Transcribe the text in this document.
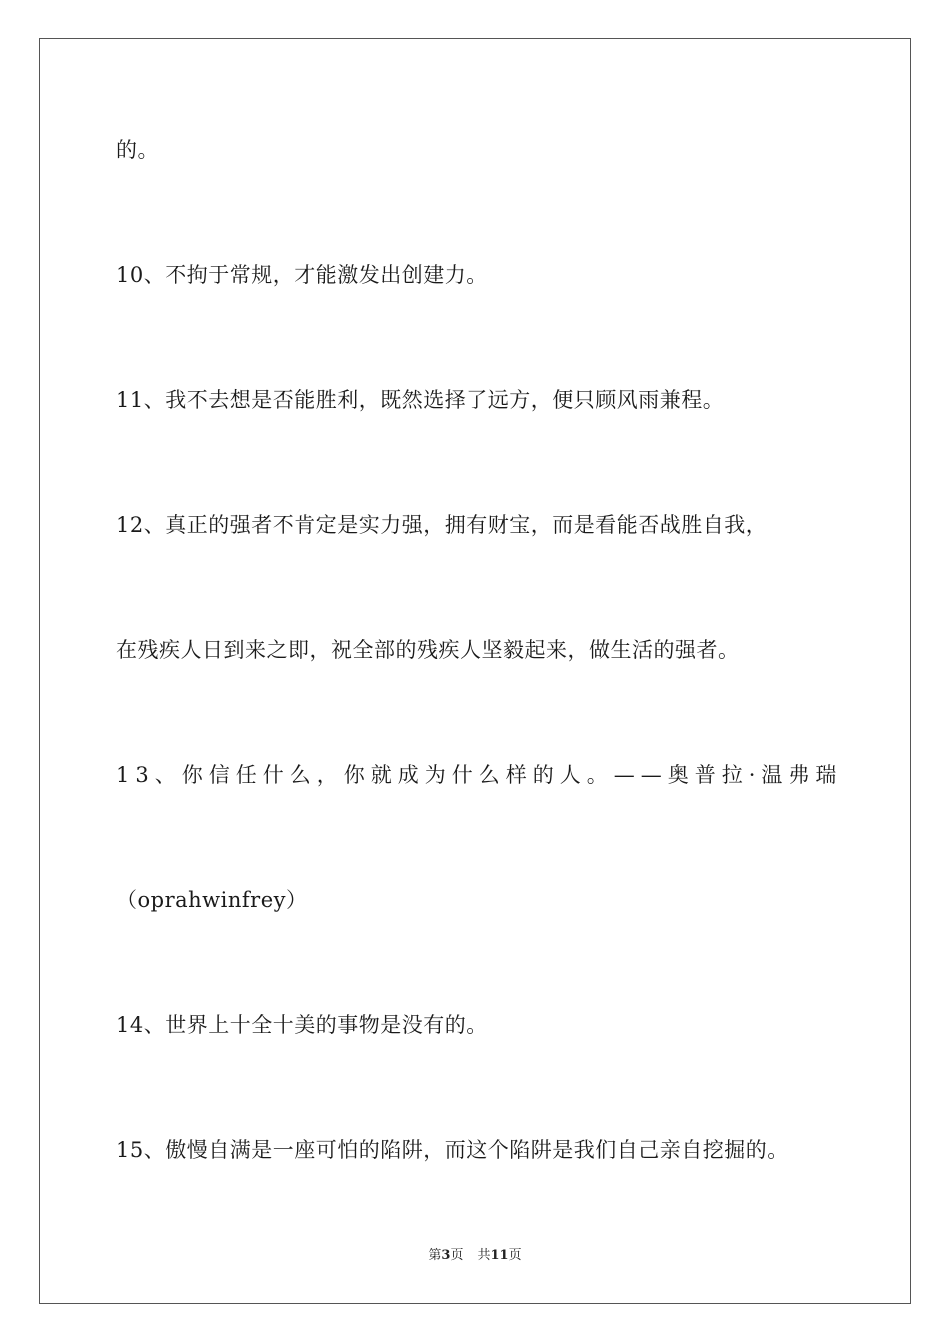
的。
10、不拘于常规，才能激发出创建力。
11、我不去想是否能胜利，既然选择了远方，便只顾风雨兼程。
12、真正的强者不肯定是实力强，拥有财宝，而是看能否战胜自我，
在残疾人日到来之即，祝全部的残疾人坚毅起来，做生活的强者。
13、你信任什么，你就成为什么样的人。——奥普拉·温弗瑞
（oprahwinfrey）
14、世界上十全十美的事物是没有的。
15、傲慢自满是一座可怕的陷阱，而这个陷阱是我们自己亲自挖掘的。
第3页 共11页
